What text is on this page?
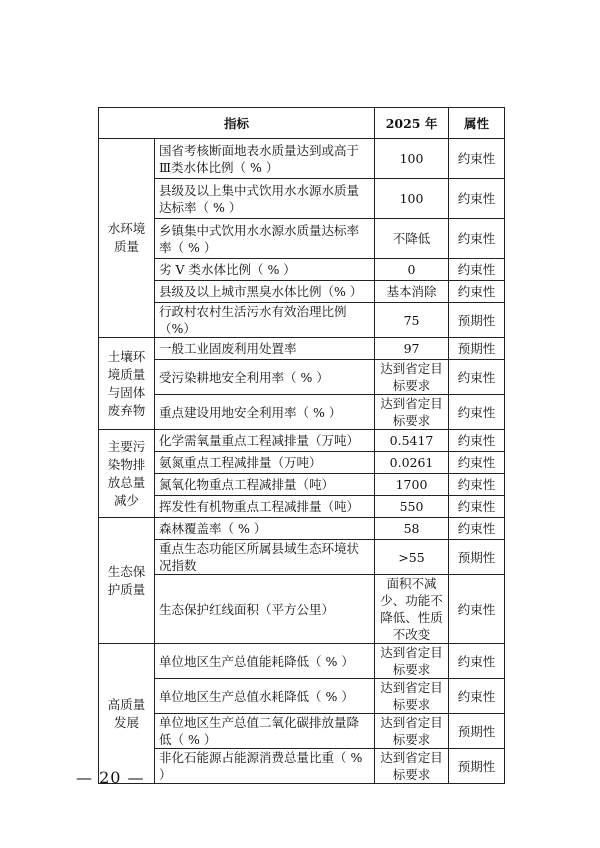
指标		2025 年	属性

水环境质量	国省考核断面地表水质量达到或高于Ⅲ类水体比例（ % ）	100	约束性
	县级及以上集中式饮用水水源水质量达标率（ % ）	100	约束性
	乡镇集中式饮用水水源水质量达标率率（ % ）	不降低	约束性
	劣 V 类水体比例（ % ）	0	约束性
	县级及以上城市黑臭水体比例（% ）	基本消除	约束性
	行政村农村生活污水有效治理比例（%）	75	预期性

土壤环境质量与固体废弃物	一般工业固废利用处置率	97	预期性
	受污染耕地安全利用率（ % ）	达到省定目标要求	约束性
	重点建设用地安全利用率（ % ）	达到省定目标要求	约束性

主要污染物排放总量减少	化学需氧量重点工程减排量（万吨）	0.5417	约束性
	氨氮重点工程减排量（万吨）	0.0261	约束性
	氮氧化物重点工程减排量（吨）	1700	约束性
	挥发性有机物重点工程减排量（吨）	550	约束性

生态保护质量	森林覆盖率（ % ）	58	约束性
	重点生态功能区所属县域生态环境状况指数	>55	预期性
	生态保护红线面积（平方公里）	面积不减少、功能不降低、性质不改变	约束性

高质量发展	单位地区生产总值能耗降低（ % ）	达到省定目标要求	约束性
	单位地区生产总值水耗降低（ % ）	达到省定目标要求	约束性
	单位地区生产总值二氧化碳排放量降低（ % ）	达到省定目标要求	预期性
	非化石能源占能源消费总量比重（ % ）	达到省定目标要求	预期性
— 20 —
